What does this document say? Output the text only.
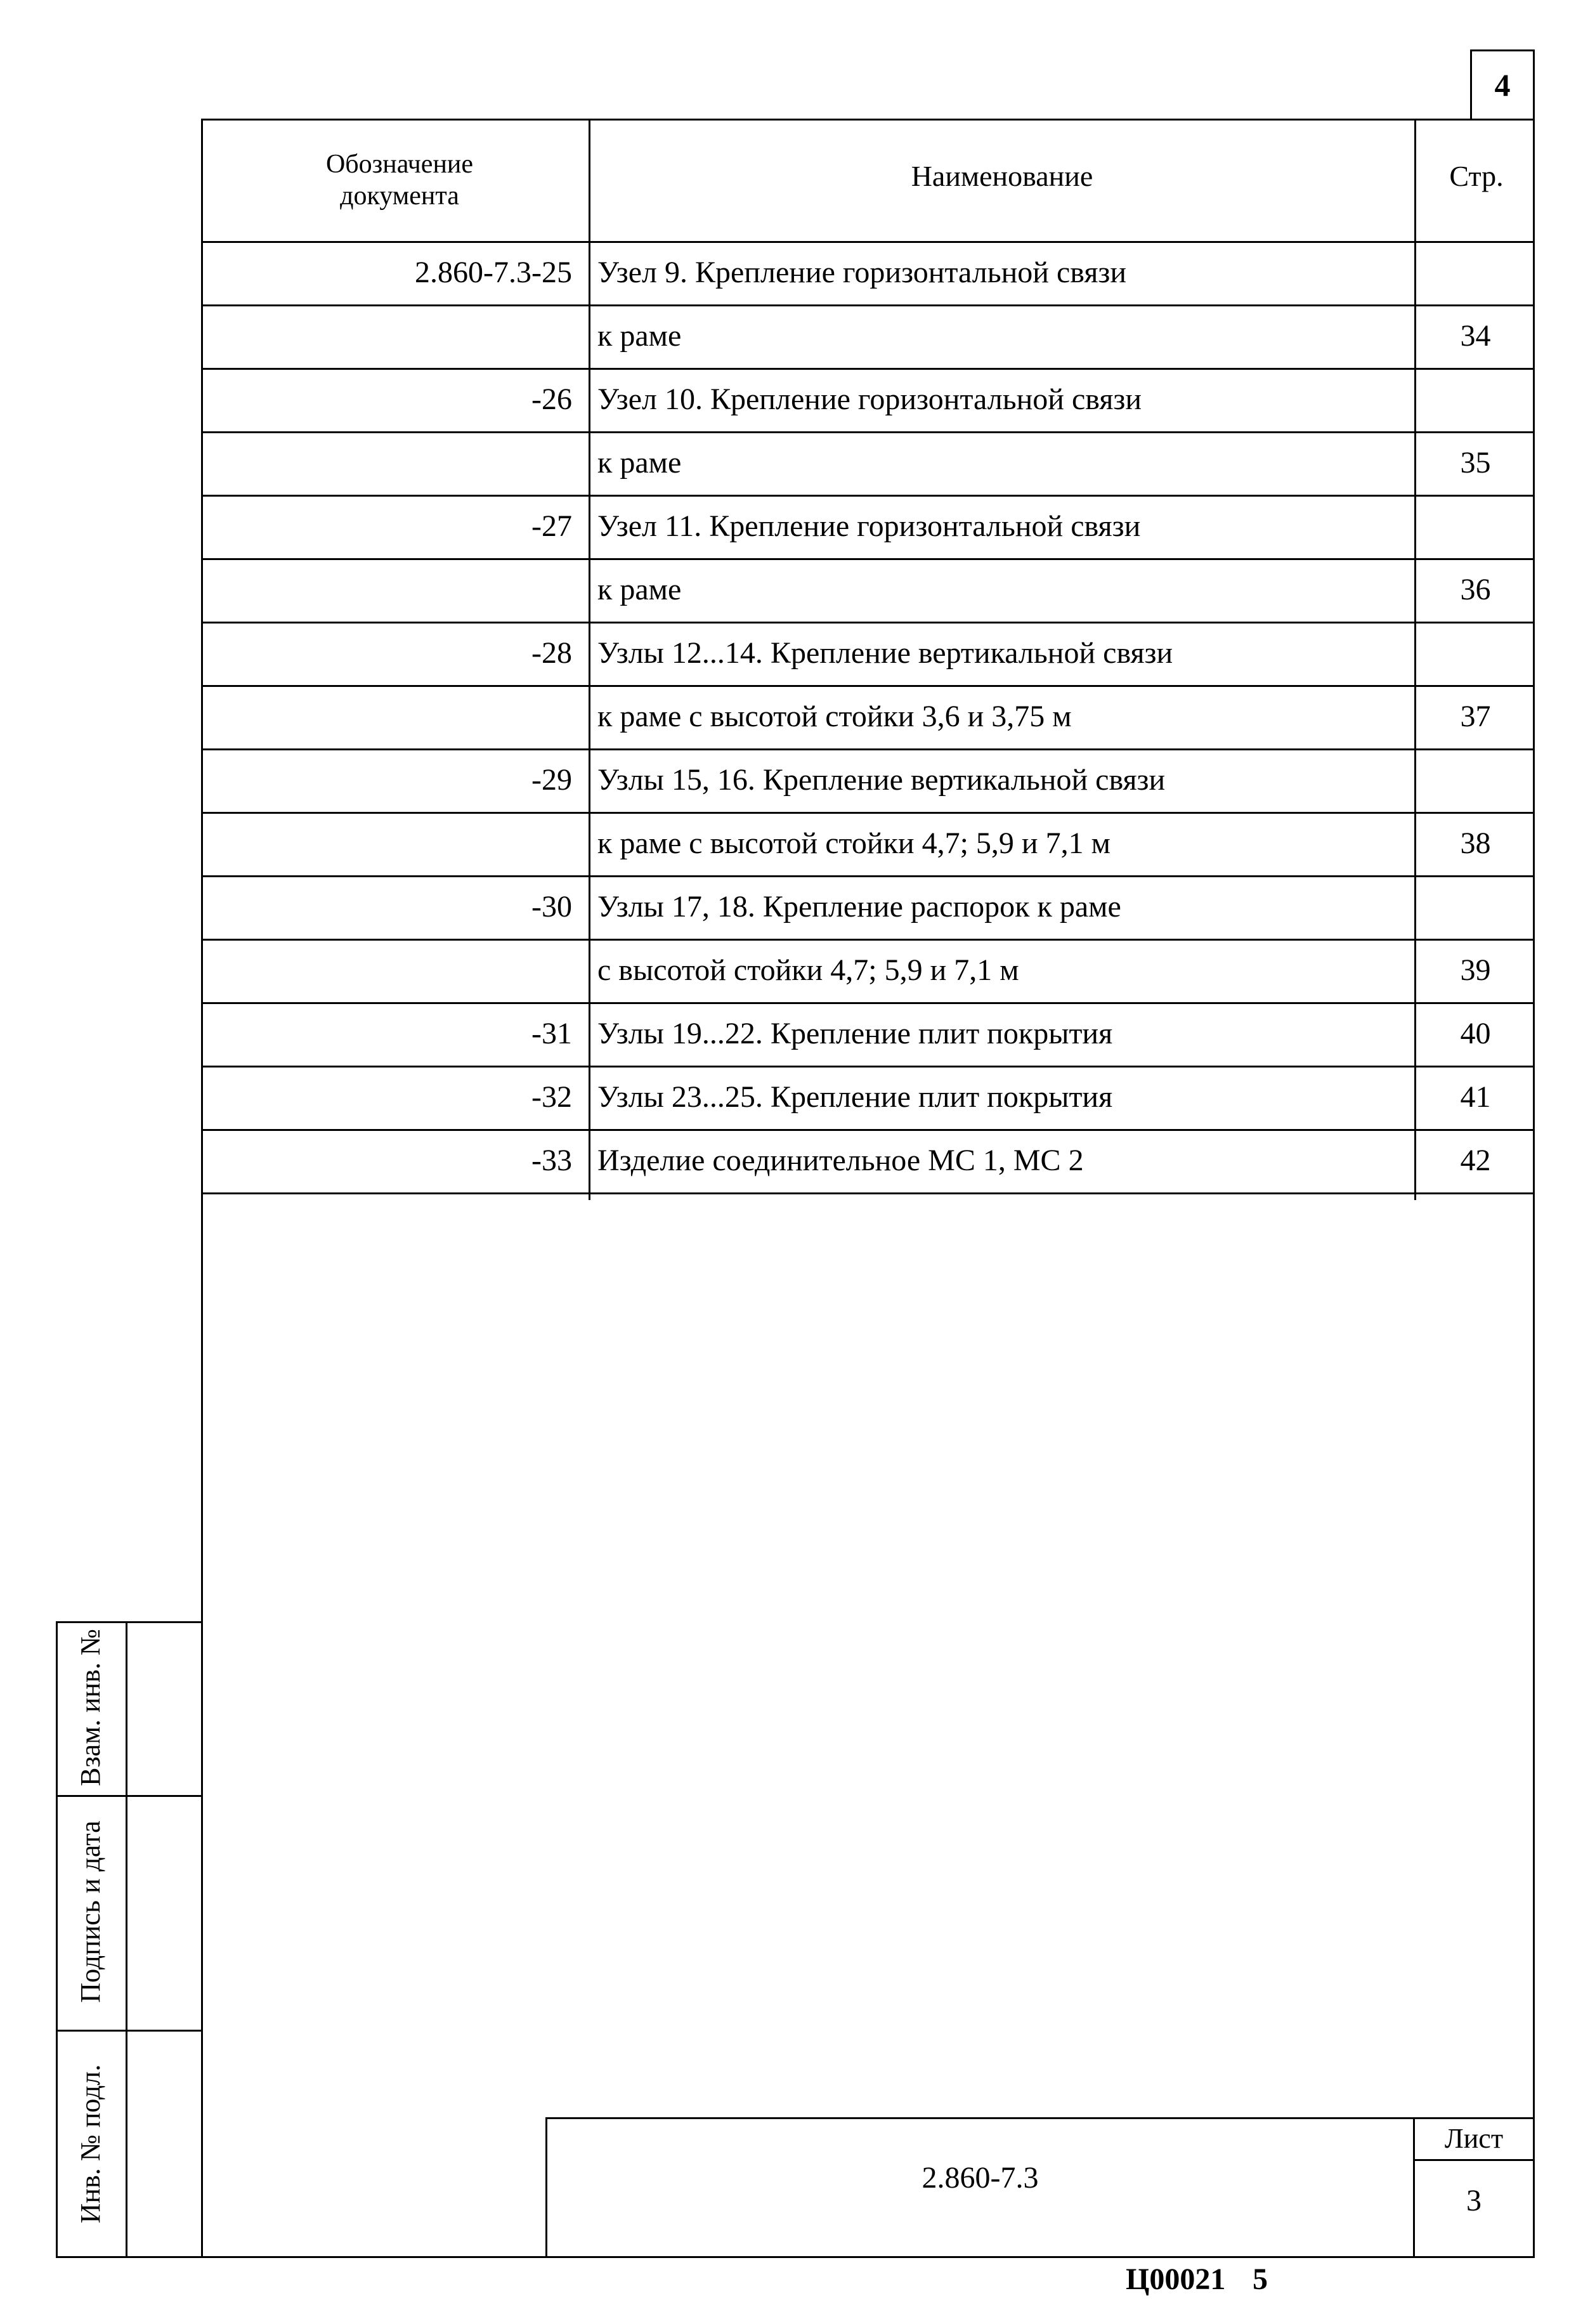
4
Обозначение документа
Наименование	Стр.
2.860-7.3-25 Узел 9. Крепление горизонтальной связи
к раме	34
-26 Узел 10. Крепление горизонтальной связи
к раме	35
-27 Узел 11. Крепление горизонтальной связи
к раме	36
-28 Узлы 12...14. Крепление вертикальной связи
к раме с высотой стойки 3,6 и 3,75 м	37
-29 Узлы 15, 16. Крепление вертикальной связи
к раме с высотой стойки 4,7; 5,9 и 7,1 м	38
-30 Узлы 17, 18. Крепление распорок к раме
с высотой стойки 4,7; 5,9 и 7,1 м	39
-31 Узлы 19...22. Крепление плит покрытия	40
-32 Узлы 23...25. Крепление плит покрытия	41
-33 Изделие соединительное МС 1, МС 2	42
Взам. инв. №
Подпись и дата
Инв. № подл.	2.860-7.3
Лист
3
Ц00021 5
